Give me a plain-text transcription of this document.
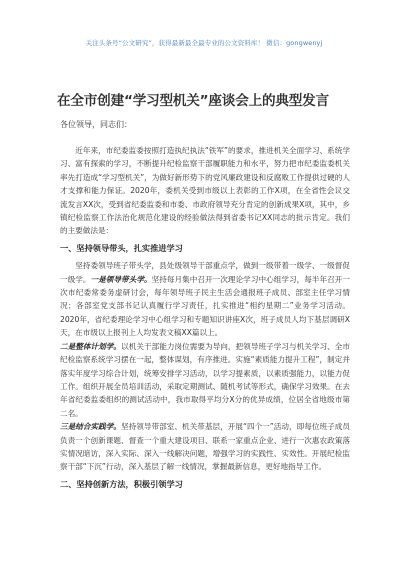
关注头条号“公文研究”，获得最新最全最专业的公文资料库！ 微信：gongwenyj
在全市创建“学习型机关”座谈会上的典型发言
各位领导，同志们：

近年来，市纪委监委按照打造执纪执法“铁军”的要求，推进机关全面学习、系统学习、富有探索的学习，不断提升纪检监察干部履职能力和水平，努力把市纪委监委机关率先打造成“学习型机关”，为做好新形势下的党风廉政建设和反腐败工作提供过硬的人才支撑和能力保证。2020年，委机关受到市级以上表彰的工作X项，在全省性会议交流发言XX次，受到省纪委监委和市委、市政府领导充分肯定的创新成果X项，其中，乡镇纪检监察工作法治化规范化建设的经验做法得到省委书记XX同志的批示肯定。我们的主要做法是：

一、坚持领导带头，扎实推进学习

坚持委领导班子带头学，县处级领导干部重点学，做到一级带着一级学、一级督促一级学。一是领导带头学。坚持每月集中召开一次理论学习中心组学习，每半年召开一次市纪委常委务虚研讨会，每年领导班子民主生活会通报班子成员、部室主任学习情况；各部室党支部书记认真履行学习责任，扎实推进“相约星期二”业务学习活动。2020年，省纪委理论学习中心组学习和专题知识讲座X次，班子成员人均下基层调研X天，在市级以上报刊上人均发表文稿XX篇以上。

二是整体计划学。以机关干部能力岗位需要为导向，把领导班子学习与机关学习、全市纪检监察系统学习摆在一起，整体谋划，有序推进。实施“素质能力提升工程”，制定并落实年度学习综合计划，统筹安排学习活动，以学习提素质，以素质强能力，以能力促工作。组织开展全员培训活动，采取定期测试、随机考试等形式，确保学习效果。在去年省纪委监委组织的测试活动中，我市取得平均分X分的优异成绩，位居全省地级市第二名。

三是结合实践学。坚持领导带部室、机关带基层，开展“四个一”活动，即每位班子成员负责一个创新课题、督查一个重大建设项目、联系一家重点企业、进行一次惠农政策落实情况暗访，深入实际、深入一线解决问题，增强学习的实践性、实效性。开展纪检监察干部“下沉”行动，深入基层了解一线情况，掌握最新信息，更好地指导工作。

二、坚持创新方法，积极引领学习
